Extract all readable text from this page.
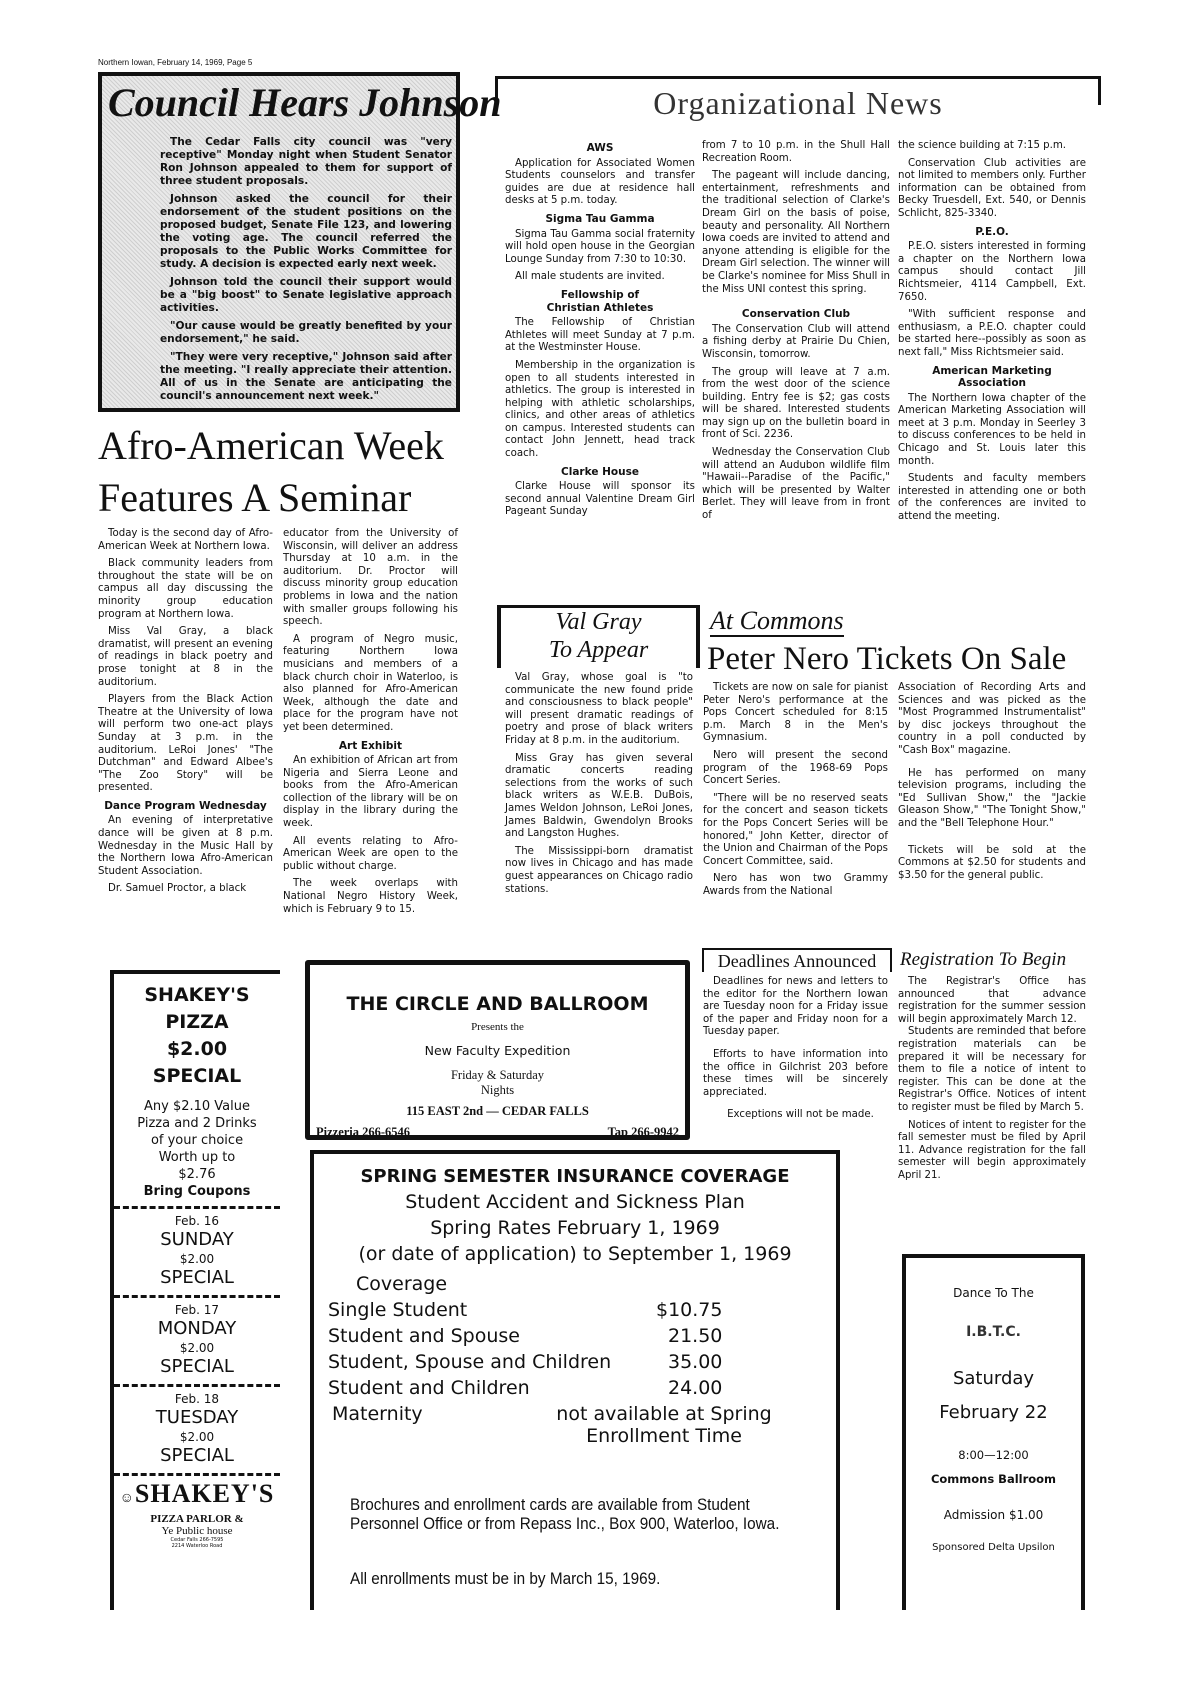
Northern Iowan, February 14, 1969, Page 5
Council Hears Johnson

The Cedar Falls city council was "very receptive" Monday night when Student Senator Ron Johnson appealed to them for support of three student proposals.

Johnson asked the council for their endorsement of the student positions on the proposed budget, Senate File 123, and lowering the voting age. The council referred the proposals to the Public Works Committee for study. A decision is expected early next week.

Johnson told the council their support would be a "big boost" to Senate legislative approach activities.

"Our cause would be greatly benefited by your endorsement," he said.

"They were very receptive," Johnson said after the meeting. "I really appreciate their attention. All of us in the Senate are anticipating the council's announcement next week."

Afro-American Week
Features A Seminar

Today is the second day of Afro-American Week at Northern Iowa.

Black community leaders from throughout the state will be on campus all day discussing the minority group education program at Northern Iowa.

Miss Val Gray, a black dramatist, will present an evening of readings in black poetry and prose tonight at 8 in the auditorium.

Players from the Black Action Theatre at the University of Iowa will perform two one-act plays Sunday at 3 p.m. in the auditorium. LeRoi Jones' "The Dutchman" and Edward Albee's "The Zoo Story" will be presented.

Dance Program Wednesday

An evening of interpretative dance will be given at 8 p.m. Wednesday in the Music Hall by the Northern Iowa Afro-American Student Association.

Dr. Samuel Proctor, a black

educator from the University of Wisconsin, will deliver an address Thursday at 10 a.m. in the auditorium. Dr. Proctor will discuss minority group education problems in Iowa and the nation with smaller groups following his speech.

A program of Negro music, featuring Northern Iowa musicians and members of a black church choir in Waterloo, is also planned for Afro-American Week, although the date and place for the program have not yet been determined.

Art Exhibit

An exhibition of African art from Nigeria and Sierra Leone and books from the Afro-American collection of the library will be on display in the library during the week.

All events relating to Afro-American Week are open to the public without charge.

The week overlaps with National Negro History Week, which is February 9 to 15.

Organizational News
AWS

Application for Associated Women Students counselors and transfer guides are due at residence hall desks at 5 p.m. today.

Sigma Tau Gamma

Sigma Tau Gamma social fraternity will hold open house in the Georgian Lounge Sunday from 7:30 to 10:30.

All male students are invited.

Fellowship of
Christian Athletes

The Fellowship of Christian Athletes will meet Sunday at 7 p.m. at the Westminster House.

Membership in the organization is open to all students interested in athletics. The group is interested in helping with athletic scholarships, clinics, and other areas of athletics on campus. Interested students can contact John Jennett, head track coach.

Clarke House

Clarke House will sponsor its second annual Valentine Dream Girl Pageant Sunday

from 7 to 10 p.m. in the Shull Hall Recreation Room.

The pageant will include dancing, entertainment, refreshments and the traditional selection of Clarke's Dream Girl on the basis of poise, beauty and personality. All Northern Iowa coeds are invited to attend and anyone attending is eligible for the Dream Girl selection. The winner will be Clarke's nominee for Miss Shull in the Miss UNI contest this spring.

Conservation Club

The Conservation Club will attend a fishing derby at Prairie Du Chien, Wisconsin, tomorrow.

The group will leave at 7 a.m. from the west door of the science building. Entry fee is $2; gas costs will be shared. Interested students may sign up on the bulletin board in front of Sci. 2236.

Wednesday the Conservation Club will attend an Audubon wildlife film "Hawaii--Paradise of the Pacific," which will be presented by Walter Berlet. They will leave from in front of

the science building at 7:15 p.m.

Conservation Club activities are not limited to members only. Further information can be obtained from Becky Truesdell, Ext. 540, or Dennis Schlicht, 825-3340.

P.E.O.

P.E.O. sisters interested in forming a chapter on the Northern Iowa campus should contact Jill Richtsmeier, 4114 Campbell, Ext. 7650.

"With sufficient response and enthusiasm, a P.E.O. chapter could be started here--possibly as soon as next fall," Miss Richtsmeier said.

American Marketing
Association

The Northern Iowa chapter of the American Marketing Association will meet at 3 p.m. Monday in Seerley 3 to discuss conferences to be held in Chicago and St. Louis later this month.

Students and faculty members interested in attending one or both of the conferences are invited to attend the meeting.

Val Gray
To Appear

Val Gray, whose goal is "to communicate the new found pride and consciousness to black people" will present dramatic readings of poetry and prose of black writers Friday at 8 p.m. in the auditorium.

Miss Gray has given several dramatic concerts reading selections from the works of such black writers as W.E.B. DuBois, James Weldon Johnson, LeRoi Jones, James Baldwin, Gwendolyn Brooks and Langston Hughes.

The Mississippi-born dramatist now lives in Chicago and has made guest appearances on Chicago radio stations.

At Commons
Peter Nero Tickets On Sale

Tickets are now on sale for pianist Peter Nero's performance at the Pops Concert scheduled for 8:15 p.m. March 8 in the Men's Gymnasium.

Nero will present the second program of the 1968-69 Pops Concert Series.

"There will be no reserved seats for the concert and season tickets for the Pops Concert Series will be honored," John Ketter, director of the Union and Chairman of the Pops Concert Committee, said.

Nero has won two Grammy Awards from the National

Association of Recording Arts and Sciences and was picked as the "Most Programmed Instrumentalist" by disc jockeys throughout the country in a poll conducted by "Cash Box" magazine.

He has performed on many television programs, including the "Ed Sullivan Show," the "Jackie Gleason Show," "The Tonight Show," and the "Bell Telephone Hour."

Tickets will be sold at the Commons at $2.50 for students and $3.50 for the general public.

Deadlines Announced

Deadlines for news and letters to the editor for the Northern Iowan are Tuesday noon for a Friday issue of the paper and Friday noon for a Tuesday paper.

Efforts to have information into the office in Gilchrist 203 before these times will be sincerely appreciated.

Exceptions will not be made.

Registration To Begin

The Registrar's Office has announced that advance registration for the summer session will begin approximately March 12.

Students are reminded that before registration materials can be prepared it will be necessary for them to file a notice of intent to register. This can be done at the Registrar's Office. Notices of intent to register must be filed by March 5.

Notices of intent to register for the fall semester must be filed by April 11. Advance registration for the fall semester will begin approximately April 21.

SHAKEY'S

PIZZA

$2.00

SPECIAL

Any $2.10 Value

Pizza and 2 Drinks

of your choice

Worth up to

$2.76

Bring Coupons

Feb. 16

SUNDAY

$2.00

SPECIAL

Feb. 17

MONDAY

$2.00

SPECIAL

Feb. 18

TUESDAY

$2.00

SPECIAL

☺SHAKEY'S
PIZZA PARLOR &
Ye Public house
Cedar Falls 266-7595
2214 Waterloo Road
THE CIRCLE AND BALLROOM

Presents the

New Faculty Expedition

Friday & Saturday
Nights

115 EAST 2nd — CEDAR FALLS

Pizzeria 266-6546	Tap 266-9942
SPRING SEMESTER INSURANCE COVERAGE

Student Accident and Sickness Plan

Spring Rates February 1, 1969

(or date of application) to September 1, 1969

Coverage

Single Student	$10.75
Student and Spouse	21.50
Student, Spouse and Children	35.00
Student and Children	24.00
Maternity	not available at Spring Enrollment Time
Brochures and enrollment cards are available from Student Personnel Office or from Repass Inc., Box 900, Waterloo, Iowa.
All enrollments must be in by March 15, 1969.

Dance To The

I.B.T.C.

Saturday

February 22

8:00—12:00

Commons Ballroom

Admission $1.00

Sponsored Delta Upsilon
